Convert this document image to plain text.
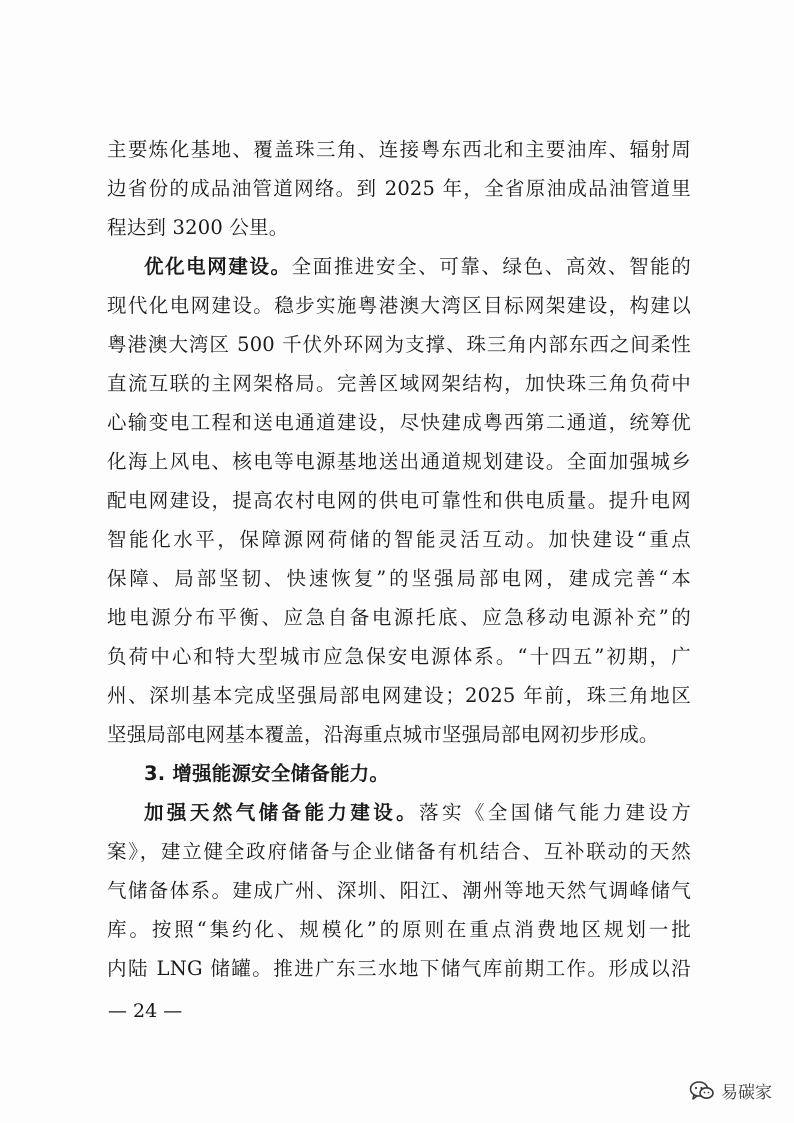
主要炼化基地、覆盖珠三角、连接粤东西北和主要油库、辐射周
边省份的成品油管道网络。到 2025 年，全省原油成品油管道里
程达到 3200 公里。
优化电网建设。全面推进安全、可靠、绿色、高效、智能的
现代化电网建设。稳步实施粤港澳大湾区目标网架建设，构建以
粤港澳大湾区 500 千伏外环网为支撑、珠三角内部东西之间柔性
直流互联的主网架格局。完善区域网架结构，加快珠三角负荷中
心输变电工程和送电通道建设，尽快建成粤西第二通道，统筹优
化海上风电、核电等电源基地送出通道规划建设。全面加强城乡
配电网建设，提高农村电网的供电可靠性和供电质量。提升电网
智能化水平，保障源网荷储的智能灵活互动。加快建设“重点
保障、局部坚韧、快速恢复”的坚强局部电网，建成完善“本
地电源分布平衡、应急自备电源托底、应急移动电源补充”的
负荷中心和特大型城市应急保安电源体系。“十四五”初期，广
州、深圳基本完成坚强局部电网建设；2025 年前，珠三角地区
坚强局部电网基本覆盖，沿海重点城市坚强局部电网初步形成。
3. 增强能源安全储备能力。
加强天然气储备能力建设。落实《全国储气能力建设方
案》，建立健全政府储备与企业储备有机结合、互补联动的天然
气储备体系。建成广州、深圳、阳江、潮州等地天然气调峰储气
库。按照“集约化、规模化”的原则在重点消费地区规划一批
内陆 LNG 储罐。推进广东三水地下储气库前期工作。形成以沿
— 24 —
易碳家
